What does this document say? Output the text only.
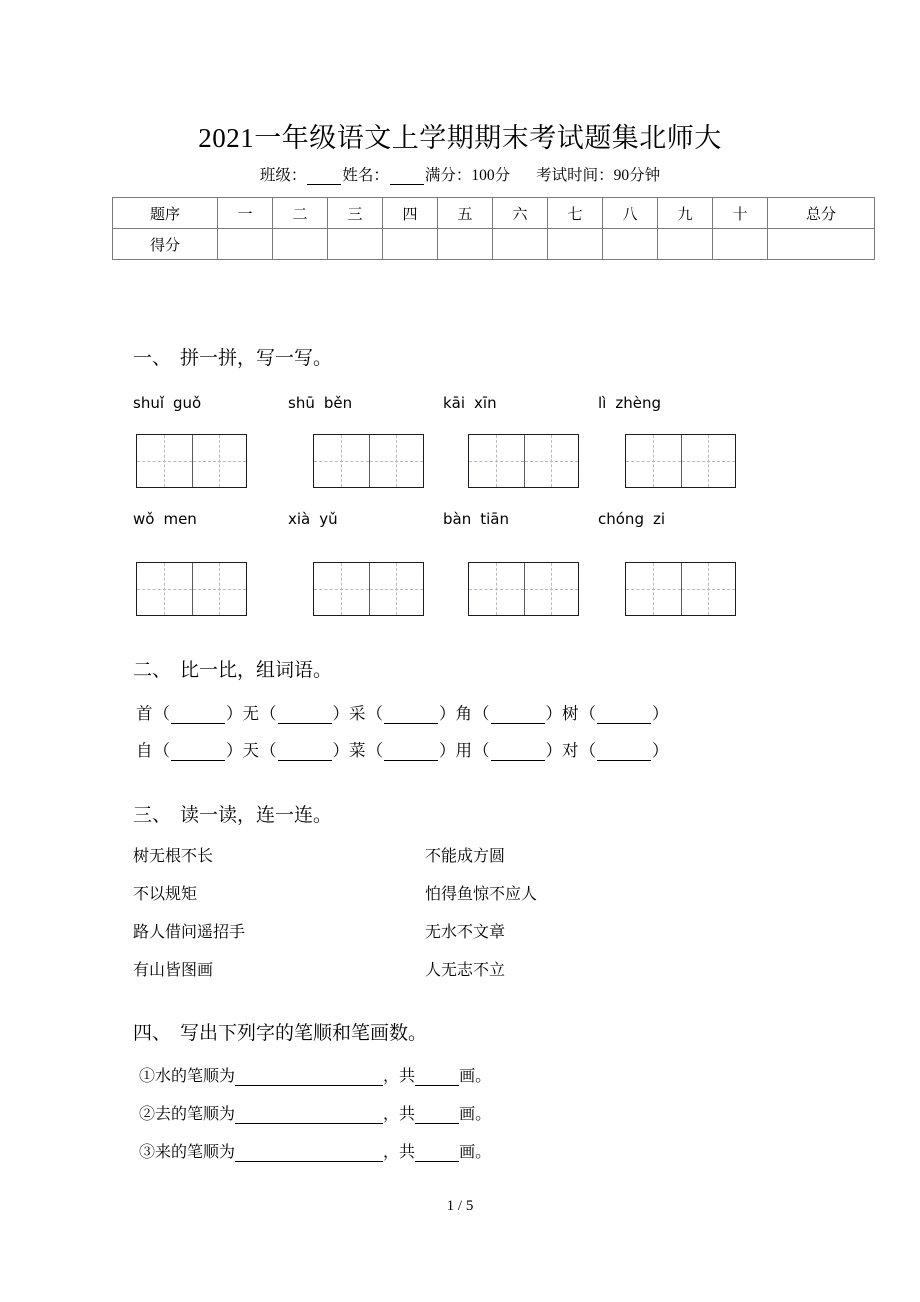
2021一年级语文上学期期末考试题集北师大
班级： 姓名： 满分：100分 考试时间：90分钟
题序	一	二	三	四	五	六	七	八	九	十	总分
得分											
一、 拼一拼，写一写。
shuǐ guǒ	shū běn	kāi xīn	lì zhèng
wǒ men	xià yǔ	bàn tiān	chóng zi
二、 比一比，组词语。
首（	）无（	）采（	）角（	）树（	）
自（	）天（	）菜（	）用（	）对（	）
三、 读一读，连一连。
树无根不长	不能成方圆
不以规矩	怕得鱼惊不应人
路人借问遥招手	无水不文章
有山皆图画	人无志不立
四、 写出下列字的笔顺和笔画数。
①水的笔顺为	，共	画。
②去的笔顺为	，共	画。
③来的笔顺为	，共	画。
1 / 5
